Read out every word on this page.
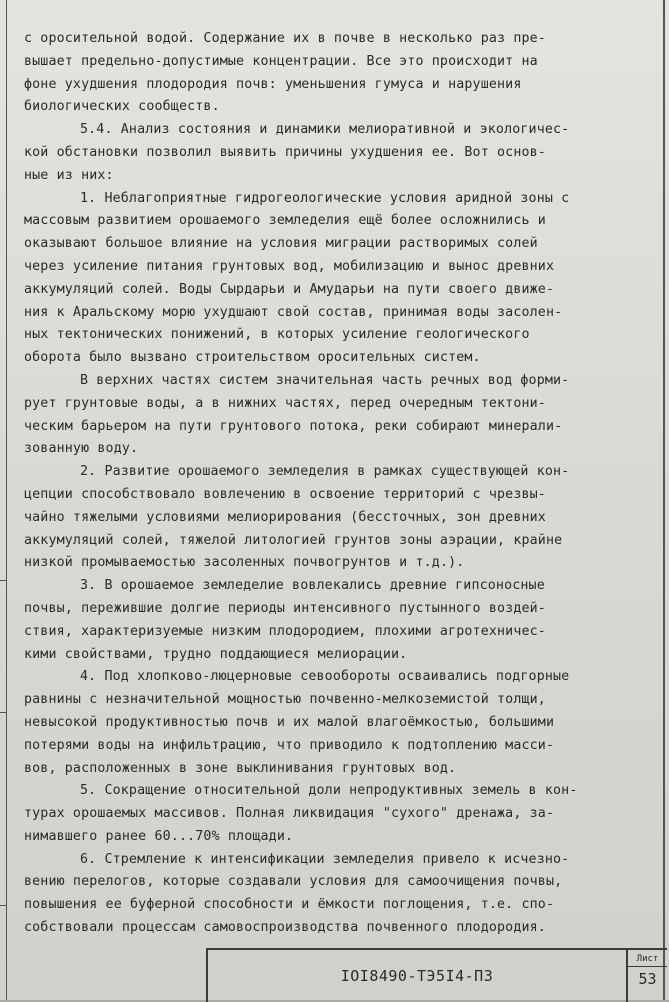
с оросительной водой. Содержание их в почве в несколько раз пре-
вышает предельно-допустимые концентрации. Все это происходит на
фоне ухудшения плодородия почв: уменьшения гумуса и нарушения
биологических сообществ.

5.4. Анализ состояния и динамики мелиоративной и экологичес-
кой обстановки позволил выявить причины ухудшения ее. Вот основ-
ные из них:

1. Неблагоприятные гидрогеологические условия аридной зоны с
массовым развитием орошаемого земледелия ещё более осложнились и
оказывают большое влияние на условия миграции растворимых солей
через усиление питания грунтовых вод, мобилизацию и вынос древних
аккумуляций солей. Воды Сырдарьи и Амударьи на пути своего движе-
ния к Аральскому морю ухудшают свой состав, принимая воды засолен-
ных тектонических понижений, в которых усиление геологического
оборота было вызвано строительством оросительных систем.

В верхних частях систем значительная часть речных вод форми-
рует грунтовые воды, а в нижних частях, перед очередным тектони-
ческим барьером на пути грунтового потока, реки собирают минерали-
зованную воду.

2. Развитие орошаемого земледелия в рамках существующей кон-
цепции способствовало вовлечению в освоение территорий с чрезвы-
чайно тяжелыми условиями мелиорирования (бессточных, зон древних
аккумуляций солей, тяжелой литологией грунтов зоны аэрации, крайне
низкой промываемостью засоленных почвогрунтов и т.д.).

3. В орошаемое земледелие вовлекались древние гипсоносные
почвы, пережившие долгие периоды интенсивного пустынного воздей-
ствия, характеризуемые низким плодородием, плохими агротехничес-
кими свойствами, трудно поддающиеся мелиорации.

4. Под хлопково-люцерновые севообороты осваивались подгорные
равнины с незначительной мощностью почвенно-мелкоземистой толщи,
невысокой продуктивностью почв и их малой влагоёмкостью, большими
потерями воды на инфильтрацию, что приводило к подтоплению масси-
вов, расположенных в зоне выклинивания грунтовых вод.

5. Сокращение относительной доли непродуктивных земель в кон-
турах орошаемых массивов. Полная ликвидация "сухого" дренажа, за-
нимавшего ранее 60...70% площади.

6. Стремление к интенсификации земледелия привело к исчезно-
вению перелогов, которые создавали условия для самоочищения почвы,
повышения ее буферной способности и ёмкости поглощения, т.е. спо-
собствовали процессам самовоспроизводства почвенного плодородия.

IOI8490-ТЭ5I4-ПЗ
Лист
53
